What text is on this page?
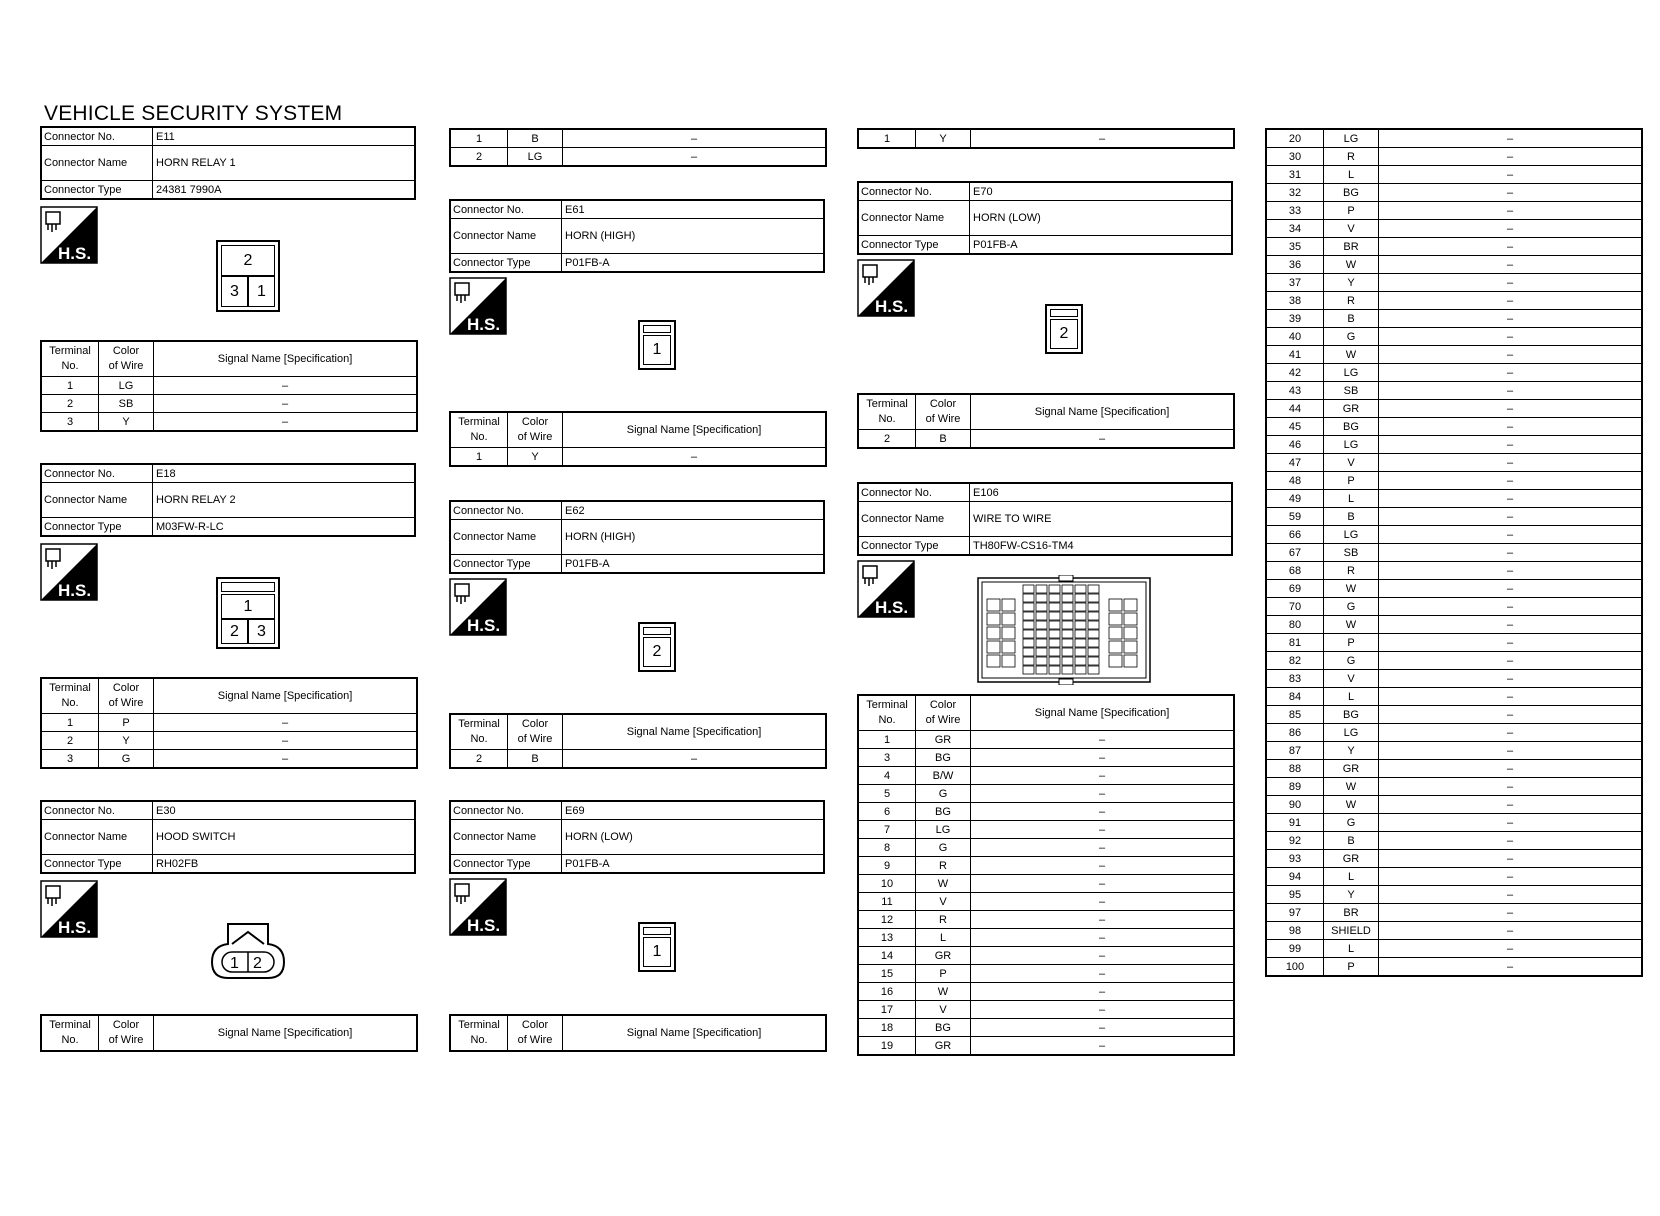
VEHICLE SECURITY SYSTEM
Connector No.	E11
Connector Name	HORN RELAY 1
Connector Type	24381 7990A
H.S.	2
3	1
Terminal
No.
Color
of Wire
Signal Name [Specification]
1	LG	–
2	SB	–
3	Y	–
Connector No.	E18
Connector Name	HORN RELAY 2
Connector Type	M03FW-R-LC
H.S.
1
2	3
Terminal
No.
Color
of Wire
Signal Name [Specification]
1	P	–
2	Y	–
3	G	–
Connector No.	E30
Connector Name	HOOD SWITCH
Connector Type	RH02FB
H.S.
1 2
Terminal
No.
Color
of Wire
Signal Name [Specification]
1	B	–
2	LG	–
Connector No.	E61
Connector Name	HORN (HIGH)
Connector Type	P01FB-A
H.S.
1
Terminal
No.
Color
of Wire
Signal Name [Specification]
1	Y	–
Connector No.	E62
Connector Name	HORN (HIGH)
Connector Type	P01FB-A
H.S.
2
Terminal
No.
Color
of Wire
Signal Name [Specification]
2	B	–
Connector No.	E69
Connector Name	HORN (LOW)
Connector Type	P01FB-A
H.S.
1
Terminal
No.
Color
of Wire
Signal Name [Specification]
1	Y	–
Connector No.	E70
Connector Name	HORN (LOW)
Connector Type	P01FB-A
H.S.
2
Terminal
No.
Color
of Wire
Signal Name [Specification]
2	B	–
Connector No.	E106
Connector Name	WIRE TO WIRE
Connector Type	TH80FW-CS16-TM4
H.S.
Terminal
No.
Color
of Wire
Signal Name [Specification]
1	GR	–
3	BG	–
4	B/W	–
5	G	–
6	BG	–
7	LG	–
8	G	–
9	R	–
10	W	–
11	V	–
12	R	–
13	L	–
14	GR	–
15	P	–
16	W	–
17	V	–
18	BG	–
19	GR	–
20	LG	–
30	R	–
31	L	–
32	BG	–
33	P	–
34	V	–
35	BR	–
36	W	–
37	Y	–
38	R	–
39	B	–
40	G	–
41	W	–
42	LG	–
43	SB	–
44	GR	–
45	BG	–
46	LG	–
47	V	–
48	P	–
49	L	–
59	B	–
66	LG	–
67	SB	–
68	R	–
69	W	–
70	G	–
80	W	–
81	P	–
82	G	–
83	V	–
84	L	–
85	BG	–
86	LG	–
87	Y	–
88	GR	–
89	W	–
90	W	–
91	G	–
92	B	–
93	GR	–
94	L	–
95	Y	–
97	BR	–
98	SHIELD	–
99	L	–
100	P	–
